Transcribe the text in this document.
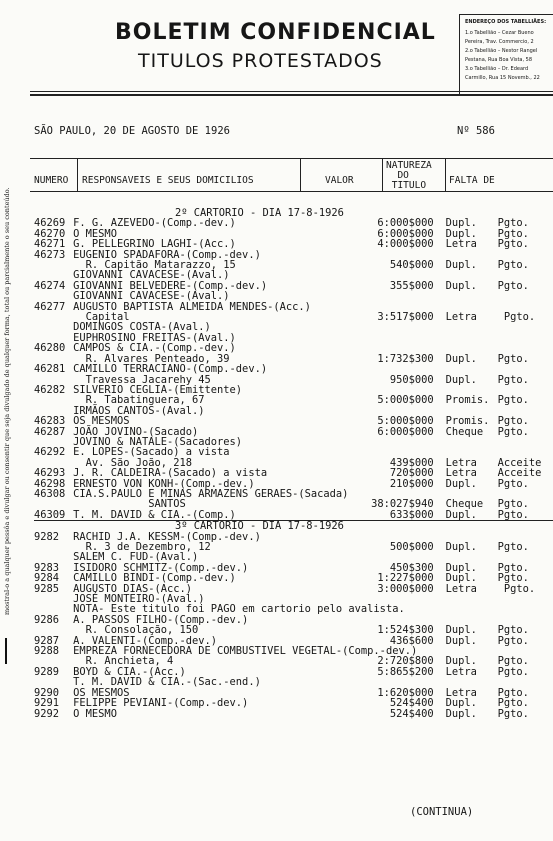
BOLETIM CONFIDENCIAL
TITULOS PROTESTADOS
ENDEREÇO DOS TABELLIÃES:
1.o Tabellião – Cezar Bueno
Pereira, Trav. Commercio, 2
2.o Tabellião – Nestor Rangel
Pestana, Rua Boa Vista, 58
3.o Tabellião – Dr. Edeard
Carmillo, Rua 15 Novemb., 22
mostral-o a qualquer pessôa e divulgar ou consentir que seja divulgado de qualquer forma, total ou parcialmente o seu conteúdo.
SÃO PAULO, 20 DE AGOSTO DE 1926	Nº 586
NUMERO RESPONSAVEIS E SEUS DOMICILIOS	VALOR
NATUREZA
DO
TITULO	FALTA DE
	2º CARTORIO - DIA 17-8-1926			
46269	F. G. AZEVEDO-(Comp.-dev.)	6:000$000	Dupl.	Pgto.
46270	O MESMO	6:000$000	Dupl.	Pgto.
46271	G. PELLEGRINO LAGHI-(Acc.)	4:000$000	Letra	Pgto.
46273	EUGENIO SPADAFORA-(Comp.-dev.)			
	R. Capitão Matarazzo, 15	540$000	Dupl.	Pgto.
	GIOVANNI CAVACESE-(Aval.)			
46274	GIOVANNI BELVEDERE-(Comp.-dev.)	355$000	Dupl.	Pgto.
	GIOVANNI CAVACESE-(Aval.)			
46277	AUGUSTO BAPTISTA ALMEIDA MENDES-(Acc.)			
	Capital	3:517$000	Letra	Pgto.
	DOMINGOS COSTA-(Aval.)			
	EUPHROSINO FREITAS-(Aval.)			
46280	CAMPOS & CIA.-(Comp.-dev.)			
	R. Alvares Penteado, 39	1:732$300	Dupl.	Pgto.
46281	CAMILLO TERRACIANO-(Comp.-dev.)			
	Travessa Jacarehy 45	950$000	Dupl.	Pgto.
46282	SILVERIO CEGLIA-(Emittente)			
	R. Tabatinguera, 67	5:000$000	Promis.	Pgto.
	IRMÃOS CANTOS-(Aval.)			
46283	OS MESMOS	5:000$000	Promis.	Pgto.
46287	JOÃO JOVINO-(Sacado)	6:000$000	Cheque	Pgto.
	JOVINO & NATALE-(Sacadores)			
46292	E. LOPES-(Sacado) a vista			
	Av. São João, 218	439$000	Letra	Acceite
46293	J. R. CALDEIRA-(Sacado) a vista	720$000	Letra	Acceite
46298	ERNESTO VON KONH-(Comp.-dev.)	210$000	Dupl.	Pgto.
46308	CIA.S.PAULO E MINAS ARMAZENS GERAES-(Sacada)			
	SANTOS	38:027$940	Cheque	Pgto.
46309	T. M. DAVID & CIA.-(Comp.)	633$000	Dupl.	Pgto.
	3º CARTORIO - DIA 17-8-1926			
9282	RACHID J.A. KESSM-(Comp.-dev.)			
	R. 3 de Dezembro, 12	500$000	Dupl.	Pgto.
	SALEM C. FUD-(Aval.)			
9283	ISIDORO SCHMITZ-(Comp.-dev.)	450$300	Dupl.	Pgto.
9284	CAMILLO BINDI-(Comp.-dev.)	1:227$000	Dupl.	Pgto.
9285	AUGUSTO DIAS-(Acc.)	3:000$000	Letra	Pgto.
	JOSÉ MONTEIRO-(Aval.)			
	NOTA- Este titulo foi PAGO em cartorio pelo avalista.			
9286	A. PASSOS FILHO-(Comp.-dev.)			
	R. Consolação, 150	1:524$300	Dupl.	Pgto.
9287	A. VALENTI-(Comp.-dev.)	436$600	Dupl.	Pgto.
9288	EMPREZA FORNECEDORA DE COMBUSTIVEL VEGETAL-(Comp.-dev.)			
	R. Anchieta, 4	2:720$800	Dupl.	Pgto.
9289	BOYD & CIA.-(Acc.)	5:865$200	Letra	Pgto.
	T. M. DAVID & CIA.-(Sac.-end.)			
9290	OS MESMOS	1:620$000	Letra	Pgto.
9291	FELIPPE PEVIANI-(Comp.-dev.)	524$400	Dupl.	Pgto.
9292	O MESMO	524$400	Dupl.	Pgto.
(CONTINUA)
